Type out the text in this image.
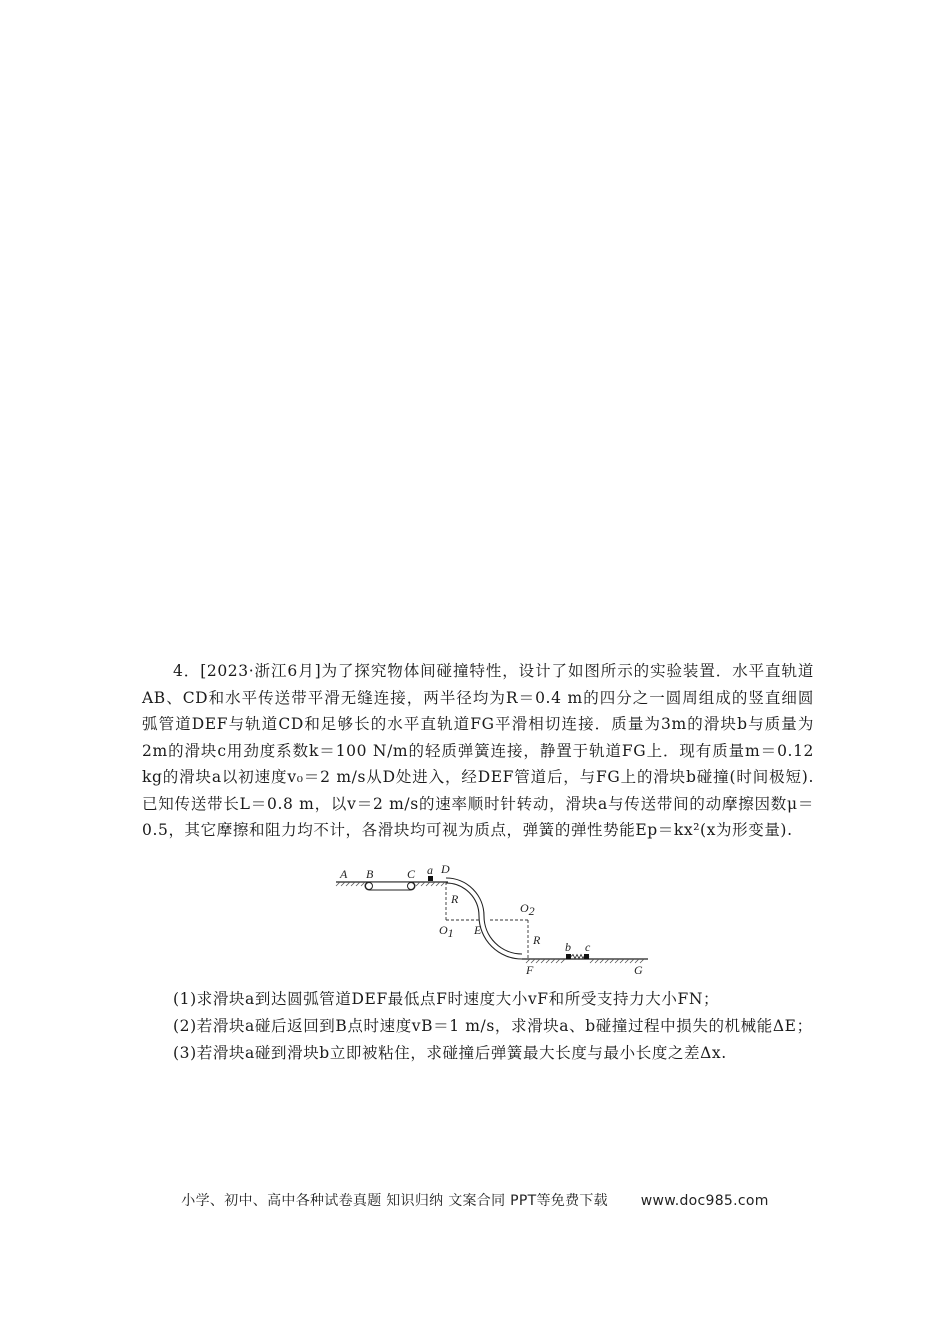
4．[2023·浙江6月]为了探究物体间碰撞特性，设计了如图所示的实验装置．水平直轨道AB、CD和水平传送带平滑无缝连接，两半径均为R＝0.4 m的四分之一圆周组成的竖直细圆弧管道DEF与轨道CD和足够长的水平直轨道FG平滑相切连接．质量为3m的滑块b与质量为2m的滑块c用劲度系数k＝100 N/m的轻质弹簧连接，静置于轨道FG上．现有质量m＝0.12 kg的滑块a以初速度v₀＝2 m/s从D处进入，经DEF管道后，与FG上的滑块b碰撞(时间极短).已知传送带长L＝0.8 m，以v＝2 m/s的速率顺时针转动，滑块a与传送带间的动摩擦因数μ＝0.5，其它摩擦和阻力均不计，各滑块均可视为质点，弹簧的弹性势能Ep＝kx²(x为形变量).

A B	C a D
R
O1 E
O2
R
F
b c
G

(1)求滑块a到达圆弧管道DEF最低点F时速度大小vF和所受支持力大小FN；

(2)若滑块a碰后返回到B点时速度vB＝1 m/s，求滑块a、b碰撞过程中损失的机械能ΔE；

(3)若滑块a碰到滑块b立即被粘住，求碰撞后弹簧最大长度与最小长度之差Δx.

小学、初中、高中各种试卷真题 知识归纳 文案合同 PPT等免费下载 www.doc985.com
